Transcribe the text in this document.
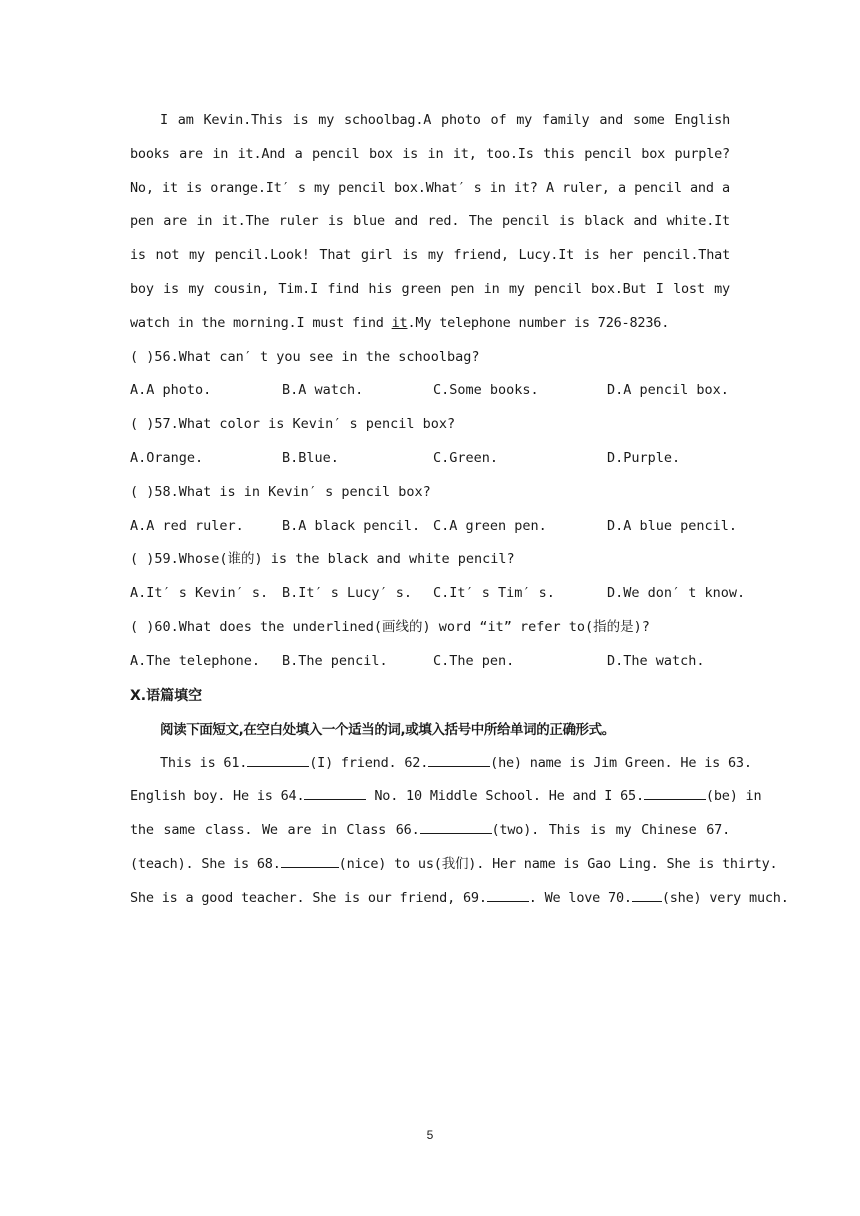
I am Kevin.This is my schoolbag.A photo of my family and some English books are in it.And a pencil box is in it, too.Is this pencil box purple? No, it is orange.It′ s my pencil box.What′ s in it? A ruler, a pencil and a pen are in it.The ruler is blue and red. The pencil is black and white.It is not my pencil.Look! That girl is my friend, Lucy.It is her pencil.That boy is my cousin, Tim.I find his green pen in my pencil box.But I lost my watch in the morning.I must find it.My telephone number is 726-8236.
( )56.What can′ t you see in the schoolbag?
A.A photo.	B.A watch.	C.Some books.	D.A pencil box.
( )57.What color is Kevin′ s pencil box?
A.Orange.	B.Blue.	C.Green.	D.Purple.
( )58.What is in Kevin′ s pencil box?
A.A red ruler.	B.A black pencil. C.A green pen.	D.A blue pencil.
( )59.Whose(谁的) is the black and white pencil?
A.It′ s Kevin′ s.	B.It′ s Lucy′ s.	C.It′ s Tim′ s.	D.We don′ t know.
( )60.What does the underlined(画线的) word “it” refer to(指的是)?
A.The telephone.	B.The pencil.	C.The pen.	D.The watch.
Ⅹ.语篇填空
阅读下面短文,在空白处填入一个适当的词,或填入括号中所给单词的正确形式。
This is 61.	(I) friend. 62.	(he) name is Jim Green. He is 63.
English boy. He is 64.	No. 10 Middle School. He and I 65.	(be) in
the same class. We are in Class 66.	(two). This is my Chinese 67.
(teach). She is 68.	(nice) to us(我们). Her name is Gao Ling. She is thirty.
She is a good teacher. She is our friend, 69.	. We love 70. (she) very much.
5
